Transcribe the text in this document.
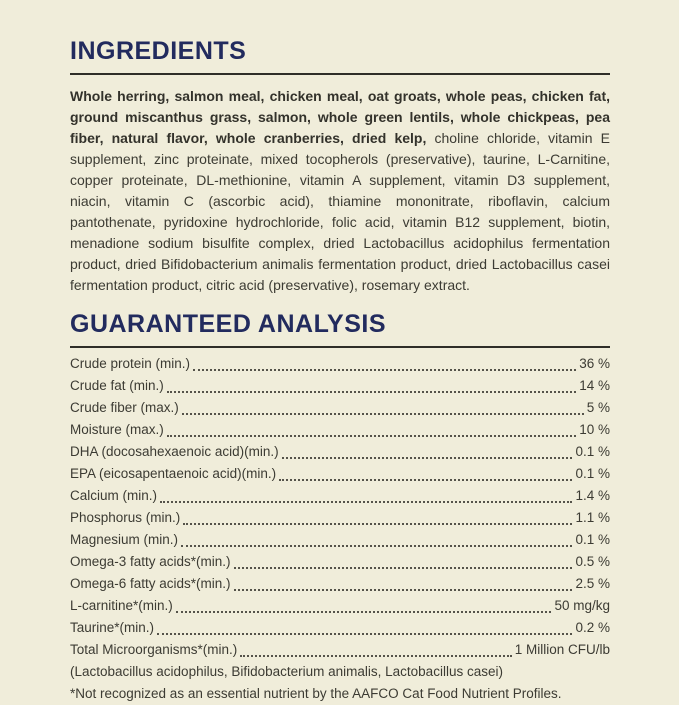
INGREDIENTS

Whole herring, salmon meal, chicken meal, oat groats, whole peas, chicken fat, ground miscanthus grass, salmon, whole green lentils, whole chickpeas, pea fiber, natural flavor, whole cranberries, dried kelp, choline chloride, vitamin E supplement, zinc proteinate, mixed tocopherols (preservative), taurine, L-Carnitine, copper proteinate, DL-methionine, vitamin A supplement, vitamin D3 supplement, niacin, vitamin C (ascorbic acid), thiamine mononitrate, riboflavin, calcium pantothenate, pyridoxine hydrochloride, folic acid, vitamin B12 supplement, biotin, menadione sodium bisulfite complex, dried Lactobacillus acidophilus fermentation product, dried Bifidobacterium animalis fermentation product, dried Lactobacillus casei fermentation product, citric acid (preservative), rosemary extract.

GUARANTEED ANALYSIS
Crude protein (min.)	36 %
Crude fat (min.)	14 %
Crude fiber (max.)	5 %
Moisture (max.)	10 %
DHA (docosahexaenoic acid)(min.)	0.1 %
EPA (eicosapentaenoic acid)(min.)	0.1 %
Calcium (min.)	1.4 %
Phosphorus (min.)	1.1 %
Magnesium (min.)	0.1 %
Omega-3 fatty acids*(min.)	0.5 %
Omega-6 fatty acids*(min.)	2.5 %
L-carnitine*(min.)	50 mg/kg
Taurine*(min.)	0.2 %
Total Microorganisms*(min.)	1 Million CFU/lb

(Lactobacillus acidophilus, Bifidobacterium animalis, Lactobacillus casei)

*Not recognized as an essential nutrient by the AAFCO Cat Food Nutrient Profiles.
